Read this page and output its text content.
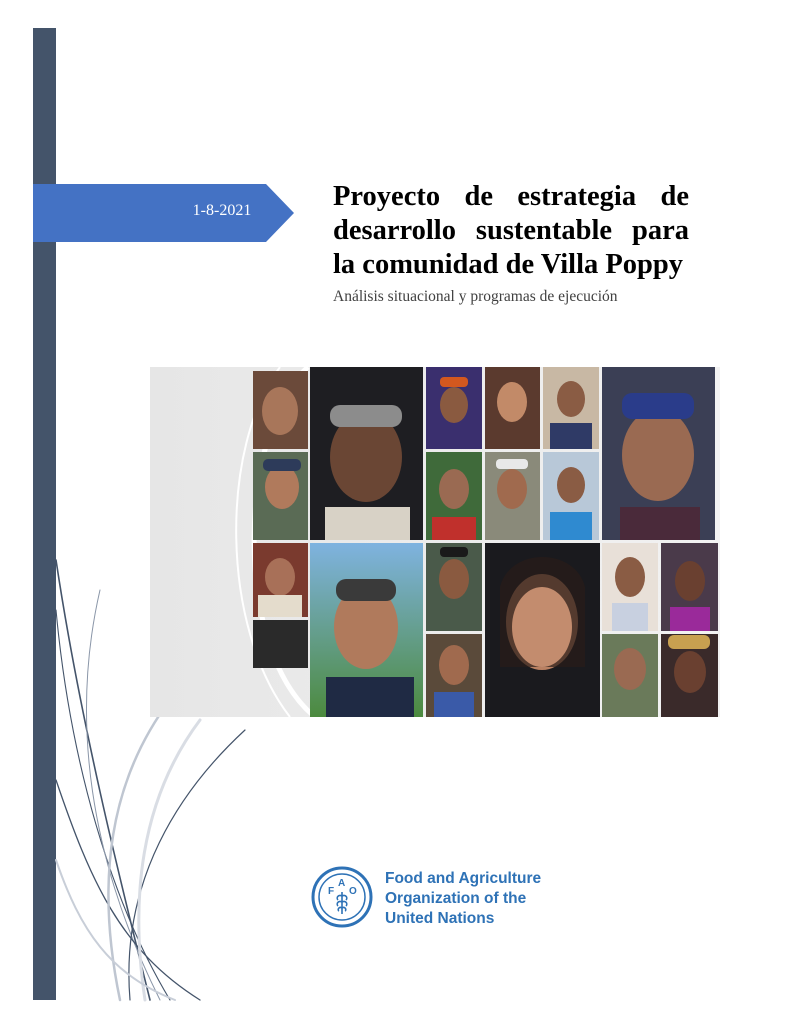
1-8-2021	Proyecto de estrategia de desarrollo sustentable para la comunidad de Villa Poppy

Análisis situacional y programas de ejecución

F
A
O
Food and Agriculture
Organization of the
United Nations
